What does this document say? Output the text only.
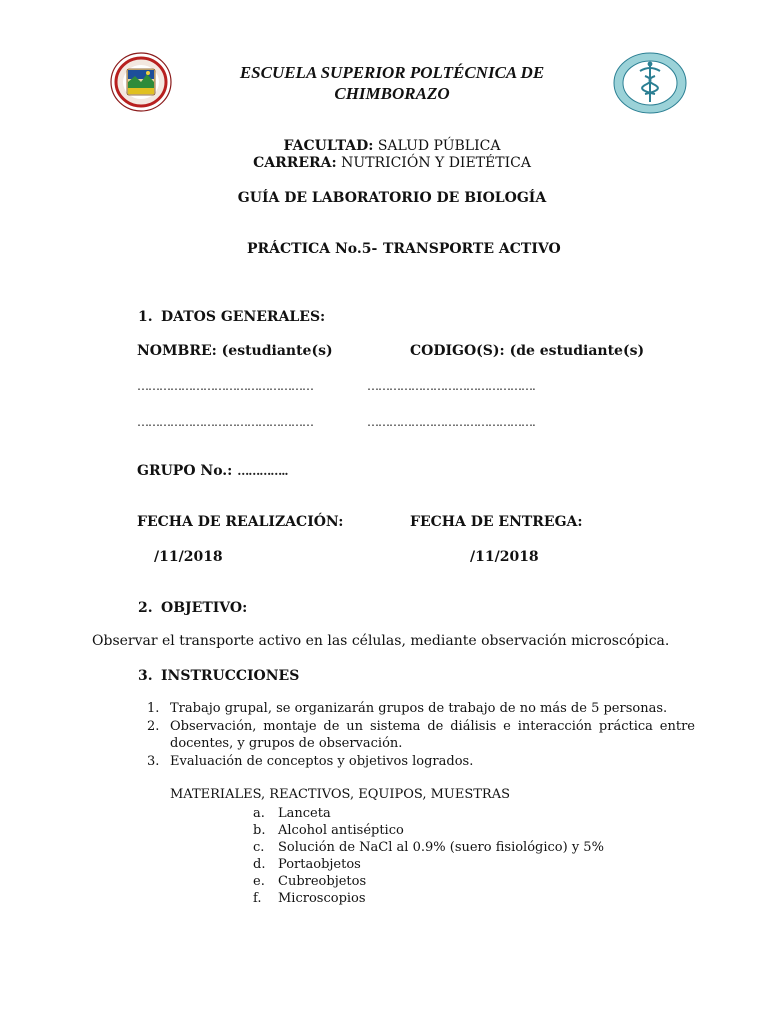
ESCUELA SUPERIOR POLTÉCNICA DE
CHIMBORAZO
FACULTAD: SALUD PÚBLICA
CARRERA: NUTRICIÓN Y DIETÉTICA
GUÍA DE LABORATORIO DE BIOLOGÍA
PRÁCTICA No.5- TRANSPORTE ACTIVO
1. DATOS GENERALES:
NOMBRE: (estudiante(s)	CODIGO(S): (de estudiante(s)
…………………………………………	……………………………………….
…………………………………………	……………………………………….
GRUPO No.: …………..
FECHA DE REALIZACIÓN:	FECHA DE ENTREGA:
/11/2018	/11/2018
2. OBJETIVO:
Observar el transporte activo en las células, mediante observación microscópica.
3. INSTRUCCIONES
1. Trabajo grupal, se organizarán grupos de trabajo de no más de 5 personas.
2. Observación, montaje de un sistema de diálisis e interacción práctica entre docentes, y grupos de observación.
3. Evaluación de conceptos y objetivos logrados.
MATERIALES, REACTIVOS, EQUIPOS, MUESTRAS
a. Lanceta
b. Alcohol antiséptico
c. Solución de NaCl al 0.9% (suero fisiológico) y 5%
d. Portaobjetos
e. Cubreobjetos
f. Microscopios
